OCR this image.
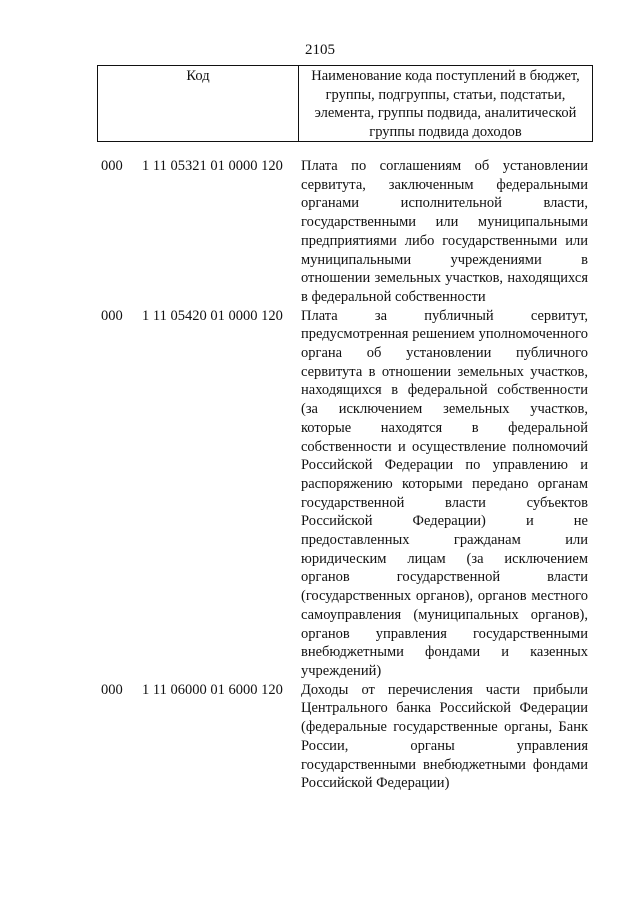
2105
Код	Наименование кода поступлений в бюджет, группы, подгруппы, статьи, подстатьи, элемента, группы подвида, аналитической группы подвида доходов
000 1 11 05321 01 0000 120 Плата по соглашениям об установлении сервитута, заключенным федеральными органами исполнительной власти, государственными или муниципальными предприятиями либо государственными или муниципальными учреждениями в отношении земельных участков, находящихся в федеральной собственности
000 1 11 05420 01 0000 120 Плата за публичный сервитут, предусмотренная решением уполномоченного органа об установлении публичного сервитута в отношении земельных участков, находящихся в федеральной собственности (за исключением земельных участков, которые находятся в федеральной собственности и осуществление полномочий Российской Федерации по управлению и распоряжению которыми передано органам государственной власти субъектов Российской Федерации) и не предоставленных гражданам или юридическим лицам (за исключением органов государственной власти (государственных органов), органов местного самоуправления (муниципальных органов), органов управления государственными внебюджетными фондами и казенных учреждений)
000 1 11 06000 01 6000 120 Доходы от перечисления части прибыли Центрального банка Российской Федерации (федеральные государственные органы, Банк России, органы управления государственными внебюджетными фондами Российской Федерации)
